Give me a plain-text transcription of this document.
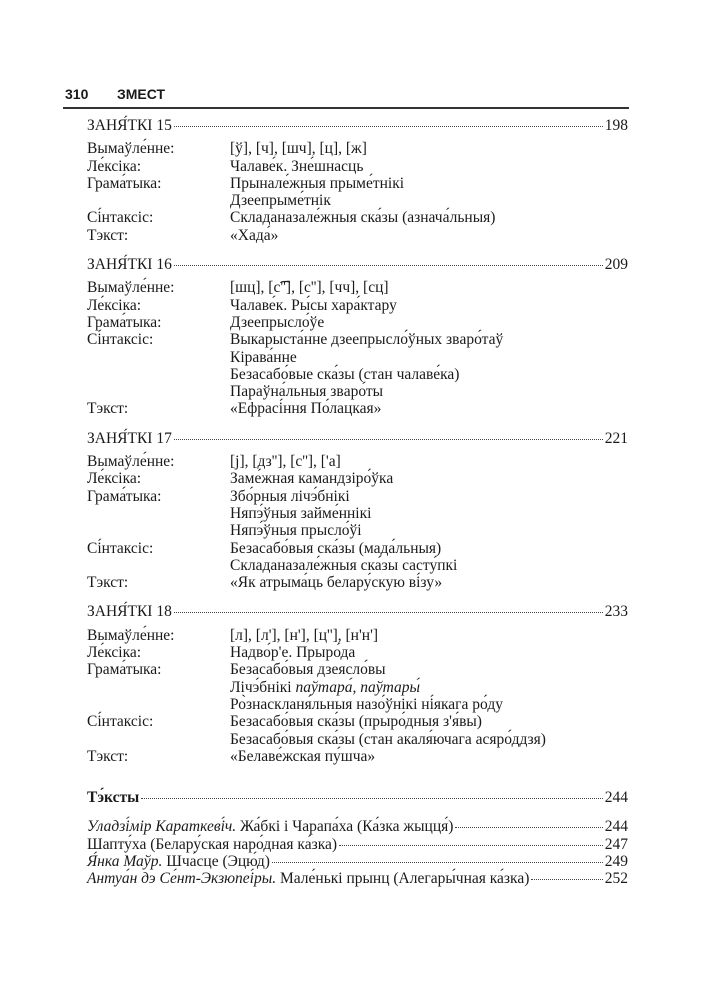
310 ЗМЕСТ
ЗАНЯ́ТКІ 15	198
Вымаўле́нне:	[ў], [ч], [шч], [ц], [ж]
Ле́ксіка:	Чалаве́к. Зне́шнасць
Грама́тыка:	Прынале́жныя прыме́тнікі
Дзеепрыме́тнік
Сі́нтаксіс:	Складаназале́жныя ска́зы (азнача́льныя)
Тэкст:	«Хада́»
ЗАНЯ́ТКІ 16	209
Вымаўле́нне:	[шц], [с͡''], [с''], [чч], [сц]
Ле́ксіка:	Чалаве́к. Ры́сы хара́ктару
Грама́тыка:	Дзеепрысло́ўе
Сі́нтаксіс:	Выкарыста́нне дзеепрысло́ўных звaро́таў
Кірава́нне
Безасабо́вые ска́зы (стан чалаве́ка)
Параўна́льныя звaро́ты
Тэкст:	«Ефрасі́ння По́лацкая»
ЗАНЯ́ТКІ 17	221
Вымаўле́нне:	[j], [дз''], [с''], ['а]
Ле́ксіка:	Заме́жная камандзіро́ўка
Грама́тыка:	Збо́рныя лічэ́бнікі
Няпэ́ўныя займе́ннікі
Няпэ́ўныя прысло́ўі
Сі́нтаксіс:	Безасабо́выя ска́зы (мада́льныя)
Складаназале́жныя ска́зы састу́пкі
Тэкст:	«Як атрыма́ць белару́скую ві́зу»
ЗАНЯ́ТКІ 18	233
Вымаўле́нне:	[л], [л'], [н'], [ц''], [н'н']
Ле́ксіка:	Надво́р'е. Прыро́да
Грама́тыка:	Безасабо́выя дзеясло́вы
Лічэ́бнікі паўтара́, паўтары́
Ро̀знаскланя́льныя назо́ўнікі ні́якага ро́ду
Сі́нтаксіс:	Безасабо́выя ска́зы (прыро́дныя з'я́вы)
Безасабо́выя ска́зы (стан акаля́ючага асяро́ддзя)
Тэкст:	«Белаве́жская пу́шча»
Тэ́ксты	244
Уладзі́мір Караткеві́ч. Жа́бкі і Чарапа́ха (Ка́зка жыцця́)	244
Шапту́ха (Белару́ская наро́дная ка́зка)	247
Я́нка Маўр. Шча́сце (Эцю́д)	249
Антуа́н дэ Се́нт-Экзюпеі́ры. Мале́нькі прынц (Алегары́чная ка́зка)	252
